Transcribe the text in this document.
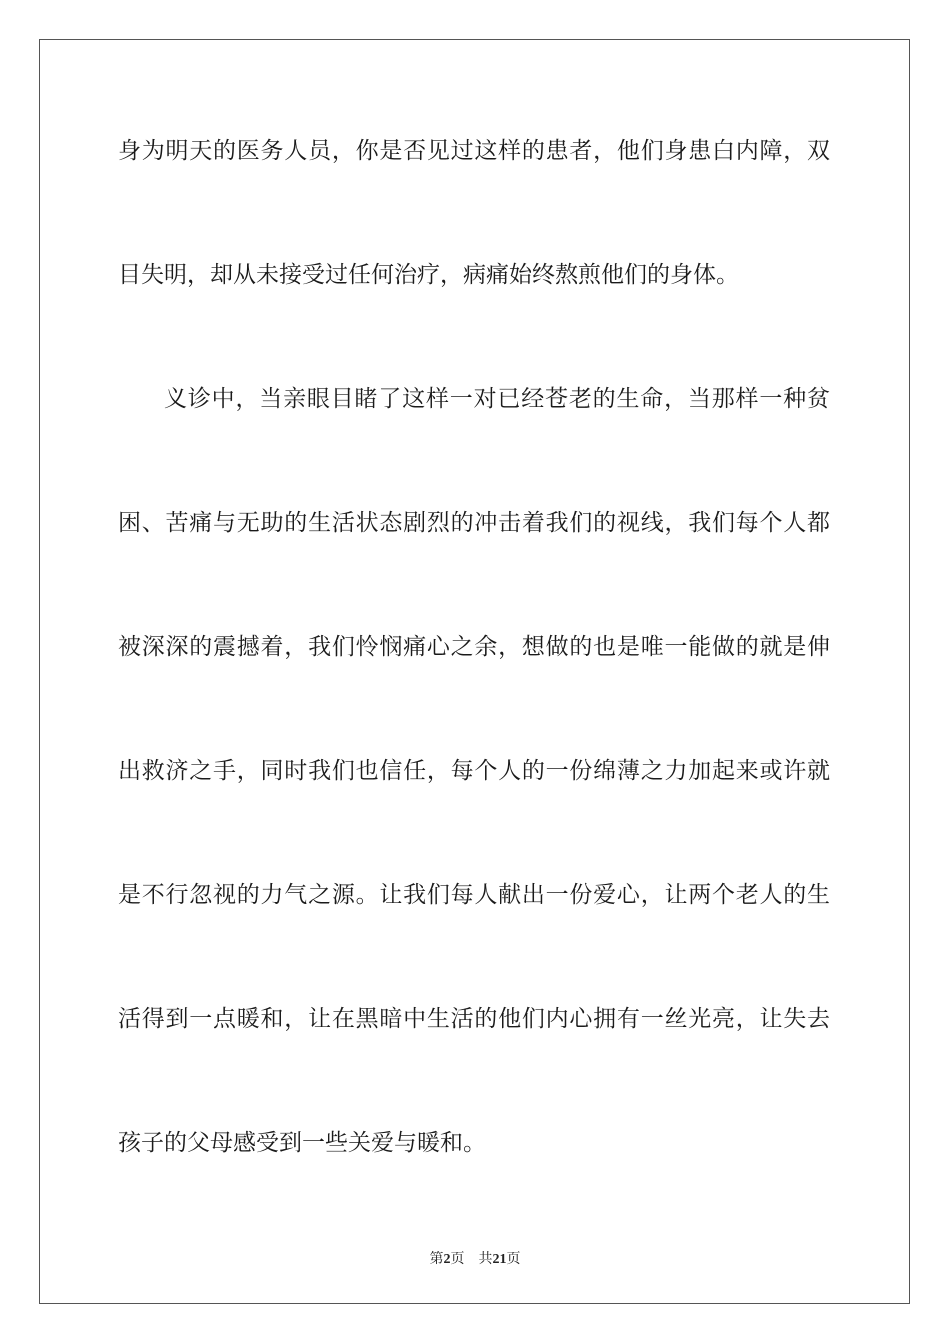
身为明天的医务人员，你是否见过这样的患者，他们身患白内障，双
目失明，却从未接受过任何治疗，病痛始终熬煎他们的身体。
义诊中，当亲眼目睹了这样一对已经苍老的生命，当那样一种贫
困、苦痛与无助的生活状态剧烈的冲击着我们的视线，我们每个人都
被深深的震撼着，我们怜悯痛心之余，想做的也是唯一能做的就是伸
出救济之手，同时我们也信任，每个人的一份绵薄之力加起来或许就
是不行忽视的力气之源。让我们每人献出一份爱心，让两个老人的生
活得到一点暖和，让在黑暗中生活的他们内心拥有一丝光亮，让失去
孩子的父母感受到一些关爱与暖和。
第2页 共21页
